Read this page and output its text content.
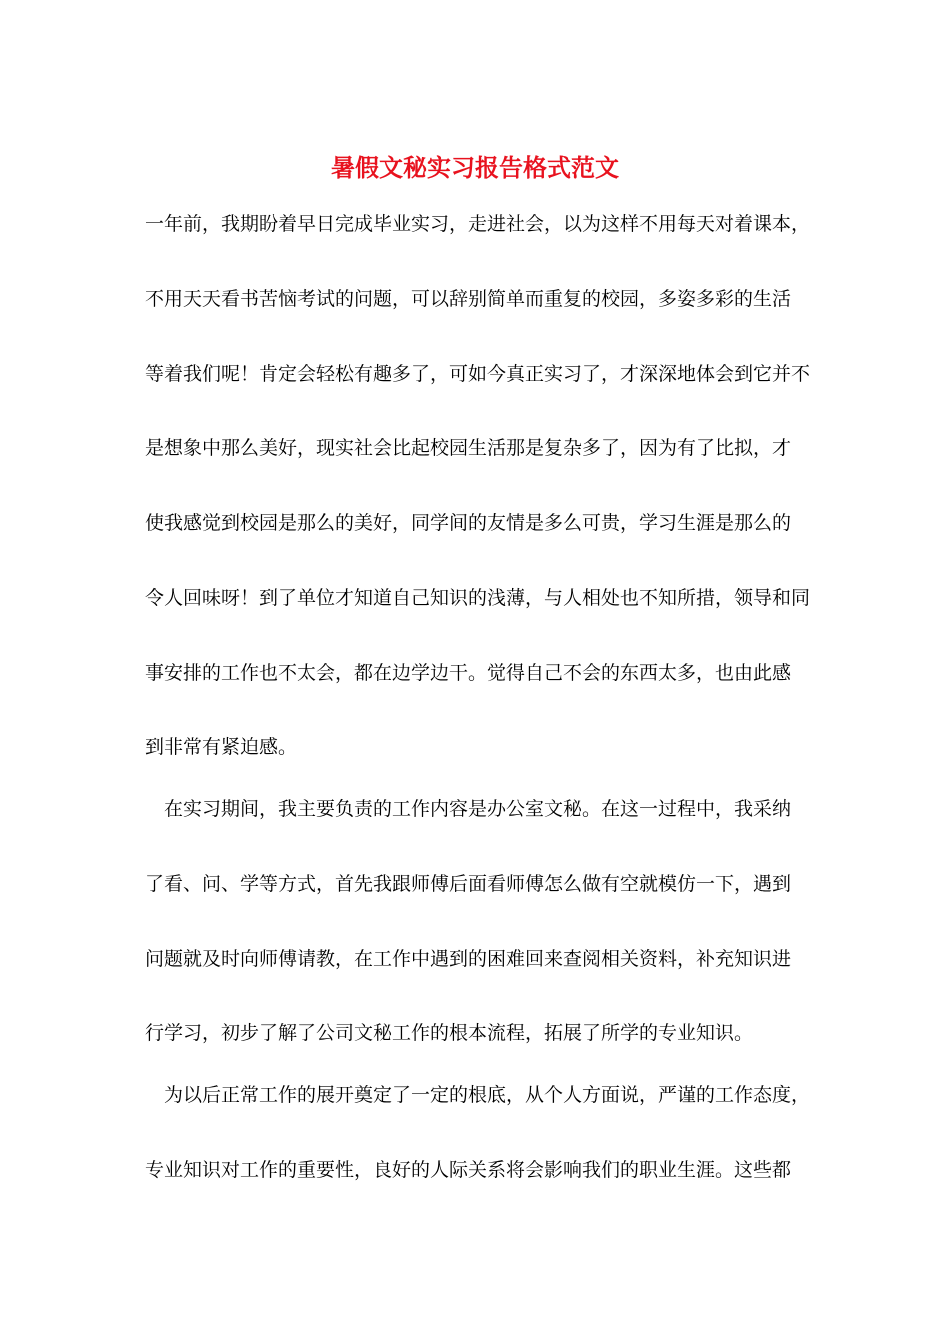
暑假文秘实习报告格式范文
一年前，我期盼着早日完成毕业实习，走进社会，以为这样不用每天对着课本，
不用天天看书苦恼考试的问题，可以辞别简单而重复的校园，多姿多彩的生活
等着我们呢！肯定会轻松有趣多了，可如今真正实习了，才深深地体会到它并不
是想象中那么美好，现实社会比起校园生活那是复杂多了，因为有了比拟，才
使我感觉到校园是那么的美好，同学间的友情是多么可贵，学习生涯是那么的
令人回味呀！到了单位才知道自己知识的浅薄，与人相处也不知所措，领导和同
事安排的工作也不太会，都在边学边干。觉得自己不会的东西太多，也由此感
到非常有紧迫感。
在实习期间，我主要负责的工作内容是办公室文秘。在这一过程中，我采纳
了看、问、学等方式，首先我跟师傅后面看师傅怎么做有空就模仿一下，遇到
问题就及时向师傅请教，在工作中遇到的困难回来查阅相关资料，补充知识进
行学习，初步了解了公司文秘工作的根本流程，拓展了所学的专业知识。
为以后正常工作的展开奠定了一定的根底，从个人方面说，严谨的工作态度，
专业知识对工作的重要性，良好的人际关系将会影响我们的职业生涯。这些都
